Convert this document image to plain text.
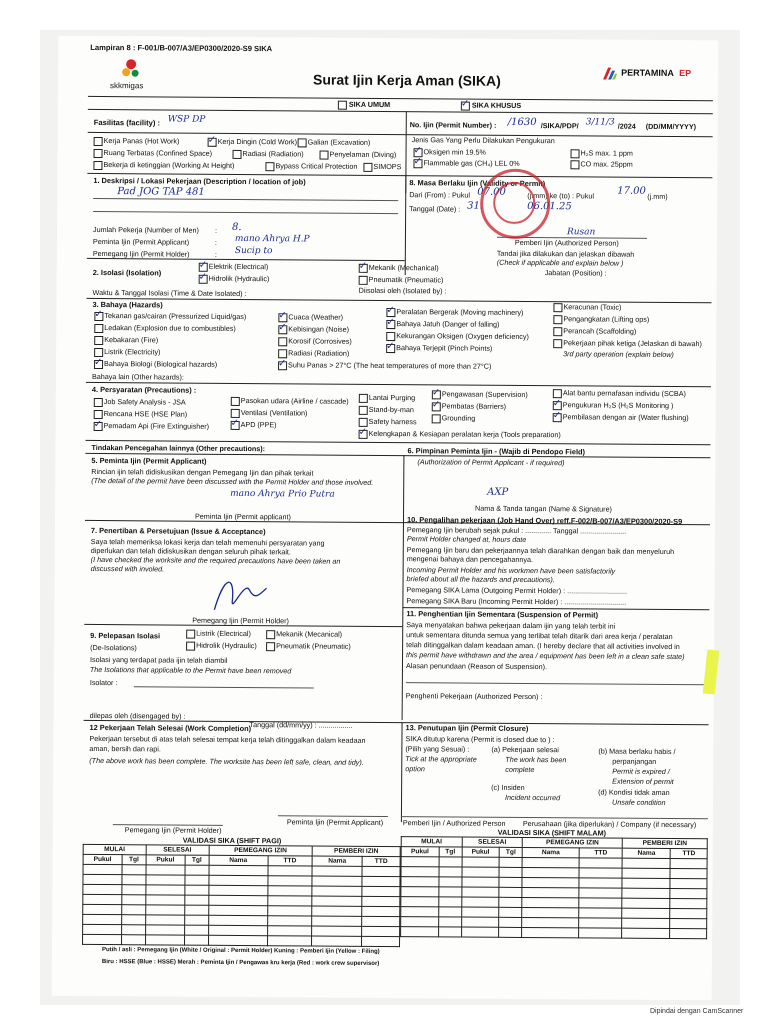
Lampiran 8 : F-001/B-007/A3/EP0300/2020-S9 SIKA
skkmigas	Surat Ijin Kerja Aman (SIKA)	PERTAMINA EP
SIKA UMUM ✓	SIKA KHUSUS
Fasilitas (facility) : WSP DP
No. Ijin (Permit Number) : /1630 /SIKA/PDP/ 3/11/3 /2024 (DD/MM/YYYY)
Kerja Panas (Hot Work) ✓	Kerja Dingin (Cold Work) Galian (Excavation)
Ruang Terbatas (Confined Space)	Radiasi (Radiation)	Penyelaman (Diving)
Bekerja di ketinggian (Working At Height)	Bypass Critical Protection SIMOPS
Jenis Gas Yang Perlu Dilakukan Pengukuran
✓
Oksigen min 19.5%	H₂S max. 1 ppm
✓
Flammable gas (CH₄) LEL 0%	CO max. 25ppm
1. Deskripsi / Lokasi Pekerjaan (Description / location of job)
Pad JOG TAP 481
Jumlah Pekerja (Number of Men) : 8.
Peminta Ijin (Permit Applicant)	: mano Ahrya H.P
Pemegang Ijin (Permit Holder)	: Sucip to
8. Masa Berlaku Ijin (Validity or Permit)
Dari (From) : Pukul 07.00	(j.mm) ke (to) : Pukul 17.00 (j.mm)
Tanggal (Date) : 31.	06.01.25
Rusan
Pemberi Ijin (Authorized Person)
Tandai jika dilakukan dan jelaskan dibawah
(Check if applicable and explain below )
Jabatan (Position) :
2. Isolasi (Isolation)
✓
Elektrik (Electrical) ✓	Mekanik (Mechanical)
✓
Hidrolik (Hydraulic)	Pneumatik (Pneumatic)
Diisolasi oleh (Isolated by) :
Waktu & Tanggal Isolasi (Time & Date Isolated) :
3. Bahaya (Hazards)
✓
Tekanan gas/cairan (Pressurized Liquid/gas)
Ledakan (Explosion due to combustibles)
Kebakaran (Fire)
Listrik (Electricity)
✓
Bahaya Biologi (Biological hazards)
✓
Cuaca (Weather)
✓
Kebisingan (Noise)
Korosif (Corrosives)
Radiasi (Radiation)
✓
Suhu Panas > 27°C (The heat temperatures of more than 27°C)
✓
Peralatan Bergerak (Moving machinery)
✓
Bahaya Jatuh (Danger of falling)
Kekurangan Oksigen (Oxygen deficiency)
✓
Bahaya Terjepit (Pinch Points)
Keracunan (Toxic)
Pengangkatan (Lifting ops)
Perancah (Scaffolding)
Pekerjaan pihak ketiga (Jelaskan di bawah)
3rd party operation (explain below)
Bahaya lain (Other hazards):
4. Persyaratan (Precautions) :
Job Safety Analysis - JSA
Rencana HSE (HSE Plan)
✓
Pemadam Api (Fire Extinguisher)
Pasokan udara (Airline / cascade)
Ventilasi (Ventilation)
✓
APD (PPE)
Lantai Purging
Stand-by-man
Safety harness
✓
Kelengkapan & Kesiapan peralatan kerja (Tools preparation)
✓
Pengawasan (Supervision)
✓
Pembatas (Barriers)
Grounding
Alat bantu pernafasan individu (SCBA)
✓
Pengukuran H₂S (H₂S Monitoring )
✓
Pembilasan dengan air (Water flushing)
Tindakan Pencegahan lainnya (Other precautions):
5. Peminta Ijin (Permit Applicant)
Rincian ijin telah didiskusikan dengan Pemegang Ijin dan pihak terkait
(The detail of the permit have been discussed with the Permit Holder and those involved.
mano Ahrya Prio Putra
Peminta Ijin (Permit applicant)
6. Pimpinan Peminta Ijin - (Wajib di Pendopo Field)
(Authorization of Permit Applicant - if required)
AXP
Nama & Tanda tangan (Name & Signature)
7. Penertiban & Persetujuan (Issue & Acceptance)
Saya telah memeriksa lokasi kerja dan telah memenuhi persyaratan yang
diperlukan dan telah didiskusikan dengan seluruh pihak terkait.
(I have checked the worksite and the required precautions have been taken an
discussed with involed.
Pemegang Ijin (Permit Holder)
10. Pengalihan pekerjaan (Job Hand Over) reff.F-002/B-007/A3/EP0300/2020-S9
Pemegang Ijin berubah sejak pukul : ............. Tanggal .......................
Permit Holder changed at, hours date
Pemegang Ijin baru dan pekerjaannya telah diarahkan dengan baik dan menyeluruh
mengenai bahaya dan pencegahannya.
Incoming Permit Holder and his workmen have been satisfactorily
briefed about all the hazards and precautions).
Pemegang SIKA Lama (Outgoing Permit Holder) : ..............................
Pemegang SIKA Baru (Incoming Permit Holder) : ...............................
11. Penghentian Ijin Sementara (Suspension of Permit)
Saya menyatakan bahwa pekerjaan dalam ijin yang telah terbit ini
untuk sementara ditunda semua yang terlibat telah ditarik dari area kerja / peralatan
telah ditinggalkan dalam keadaan aman. (I hereby declare that all activities involved in
this permit have withdrawn and the area / equipment has been left in a clean safe state)
Alasan penundaan (Reason of Suspension).
Penghenti Pekerjaan (Authorized Person) :
9. Pelepasan Isolasi
(De-Isolations)
Listrik (Electrical)	Mekanik (Mecanical)
Hidrolik (Hydraulic)	Pneumatik (Pneumatic)
Isolasi yang terdapat pada ijin telah diambil
The Isolations that applicable to the Permit have been removed
Isolator :
dilepas oleh (disengaged by) :
12 Pekerjaan Telah Selesai (Work Completion)
Tanggal (dd/mm/yy) : .................
Pekerjaan tersebut di atas telah selesai tempat kerja telah ditinggalkan dalam keadaan
aman, bersih dan rapi.
(The above work has been complete. The worksite has been left safe, clean, and tidy).
Pemegang Ijin (Permit Holder)
Peminta Ijin (Permit Applicant)
13. Penutupan Ijin (Permit Closure)
SIKA ditutup karena (Permit is closed due to ) :
(Pilih yang Sesuai) :
Tick at the appropriate
option
(a) Pekerjaan selesai
The work has been
complete
(b) Masa berlaku habis /
perpanjangan
Permit is expired /
Extension of permit
(c) Insiden
Incident occurred
(d) Kondisi tidak aman
Unsafe condition
Pemberi Ijin / Authorized Person Perusahaan (jika diperlukan) / Company (if necessary)
VALIDASI SIKA (SHIFT PAGI)
VALIDASI SIKA (SHIFT MALAM)
MULAI		SELESAI		PEMEGANG IZIN		PEMBERI IZIN	
Pukul	Tgl	Pukul	Tgl	Nama	TTD	Nama	TTD

MULAI		SELESAI		PEMEGANG IZIN		PEMBERI IZIN	
Pukul	Tgl	Pukul	Tgl	Nama	TTD	Nama	TTD

Putih / asli : Pemegang Ijin (White / Original : Permit Holder) Kuning : Pemberi Ijin (Yellow : Filing)
Biru : HSSE (Blue : HSSE) Merah : Peminta Ijin / Pengawas kru kerja (Red : work crew supervisor)
Dipindai dengan CamScanner
